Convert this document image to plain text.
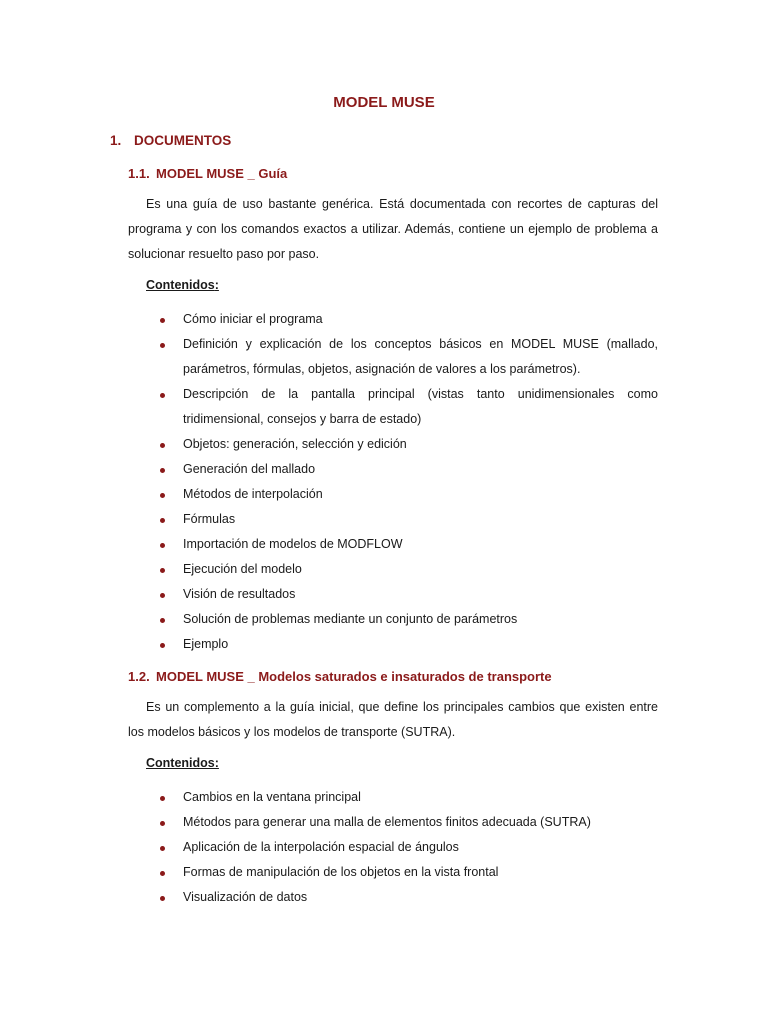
MODEL MUSE
1. DOCUMENTOS
1.1. MODEL MUSE _ Guía

Es una guía de uso bastante genérica. Está documentada con recortes de capturas del programa y con los comandos exactos a utilizar. Además, contiene un ejemplo de problema a solucionar resuelto paso por paso.

Contenidos:
Cómo iniciar el programa
Definición y explicación de los conceptos básicos en MODEL MUSE (mallado, parámetros, fórmulas, objetos, asignación de valores a los parámetros).
Descripción de la pantalla principal (vistas tanto unidimensionales como tridimensional, consejos y barra de estado)
Objetos: generación, selección y edición
Generación del mallado
Métodos de interpolación
Fórmulas
Importación de modelos de MODFLOW
Ejecución del modelo
Visión de resultados
Solución de problemas mediante un conjunto de parámetros
Ejemplo
1.2. MODEL MUSE _ Modelos saturados e insaturados de transporte

Es un complemento a la guía inicial, que define los principales cambios que existen entre los modelos básicos y los modelos de transporte (SUTRA).

Contenidos:
Cambios en la ventana principal
Métodos para generar una malla de elementos finitos adecuada (SUTRA)
Aplicación de la interpolación espacial de ángulos
Formas de manipulación de los objetos en la vista frontal
Visualización de datos
